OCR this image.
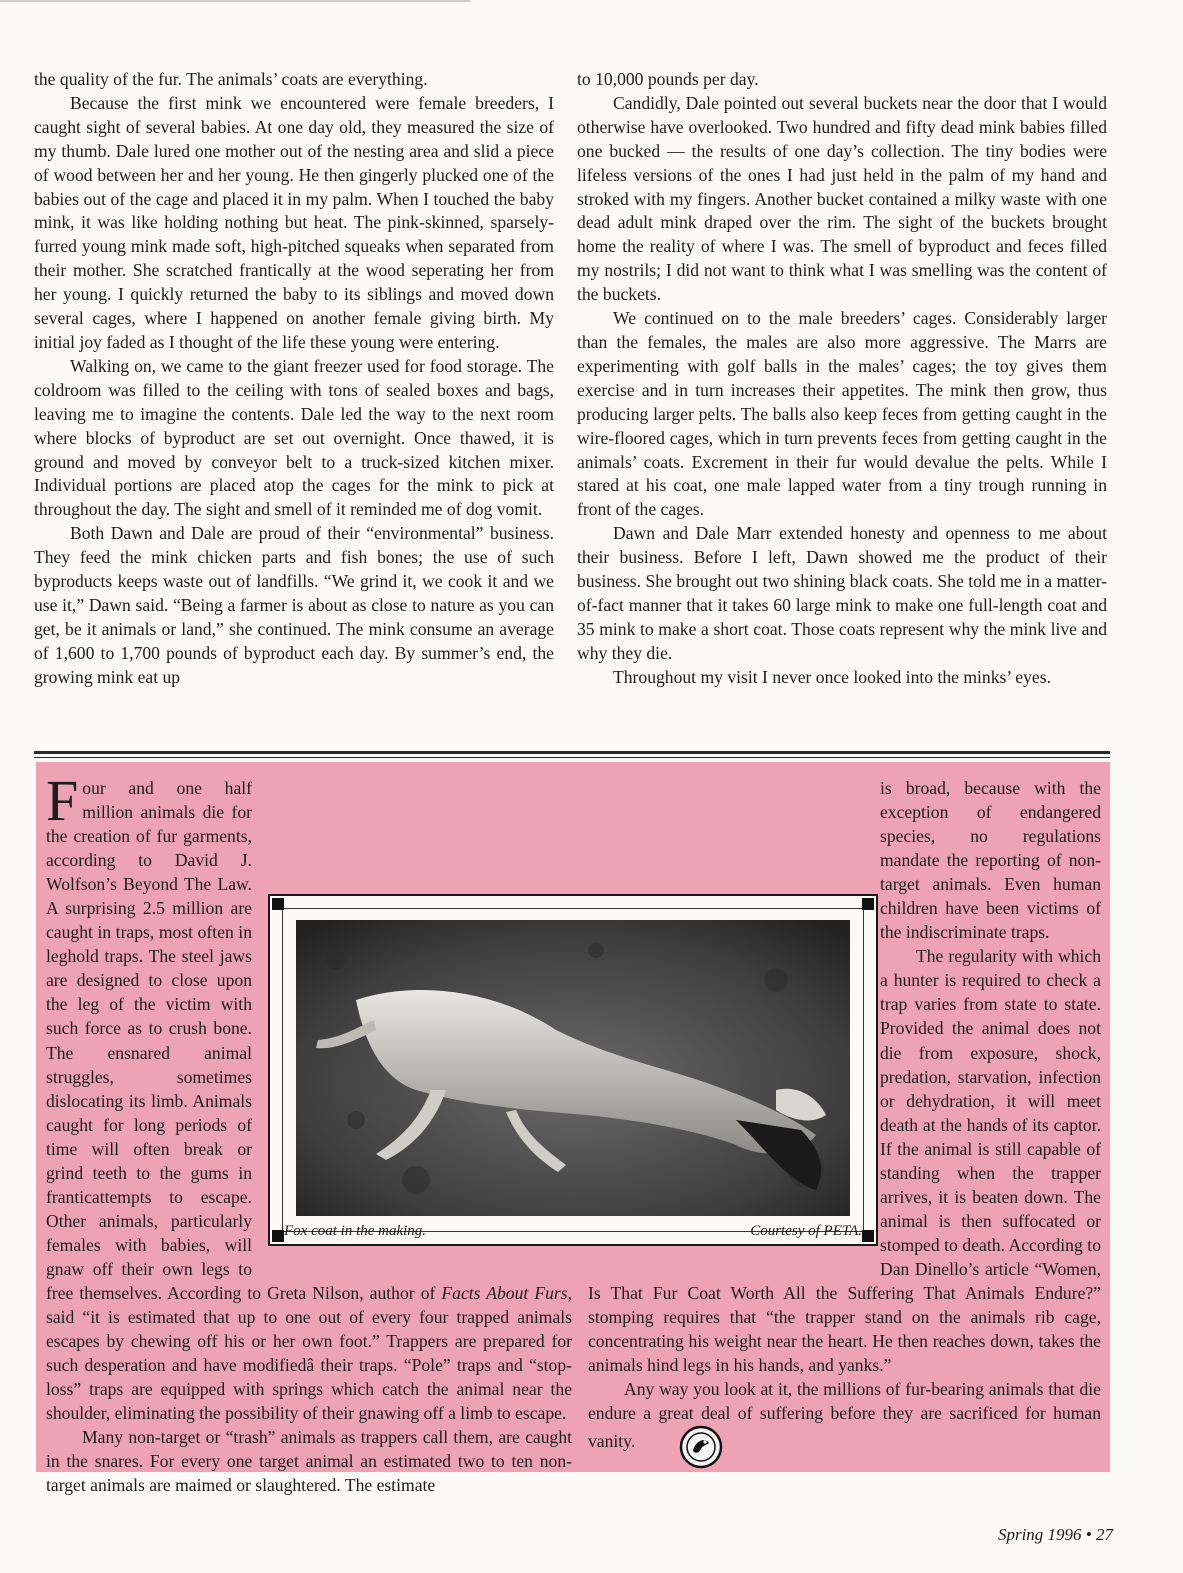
the quality of the fur. The animals’ coats are everything.

Because the first mink we encountered were female breeders, I caught sight of several babies. At one day old, they measured the size of my thumb. Dale lured one mother out of the nesting area and slid a piece of wood between her and her young. He then gingerly plucked one of the babies out of the cage and placed it in my palm. When I touched the baby mink, it was like holding nothing but heat. The pink-skinned, sparsely-furred young mink made soft, high-pitched squeaks when separated from their mother. She scratched frantically at the wood seperating her from her young. I quickly returned the baby to its siblings and moved down several cages, where I happened on another female giving birth. My initial joy faded as I thought of the life these young were entering.

Walking on, we came to the giant freezer used for food storage. The coldroom was filled to the ceiling with tons of sealed boxes and bags, leaving me to imagine the contents. Dale led the way to the next room where blocks of byproduct are set out overnight. Once thawed, it is ground and moved by conveyor belt to a truck-sized kitchen mixer. Individual portions are placed atop the cages for the mink to pick at throughout the day. The sight and smell of it reminded me of dog vomit.

Both Dawn and Dale are proud of their “environmental” business. They feed the mink chicken parts and fish bones; the use of such byproducts keeps waste out of landfills. “We grind it, we cook it and we use it,” Dawn said. “Being a farmer is about as close to nature as you can get, be it animals or land,” she continued. The mink consume an average of 1,600 to 1,700 pounds of byproduct each day. By summer’s end, the growing mink eat up

to 10,000 pounds per day.

Candidly, Dale pointed out several buckets near the door that I would otherwise have overlooked. Two hundred and fifty dead mink babies filled one bucked — the results of one day’s collection. The tiny bodies were lifeless versions of the ones I had just held in the palm of my hand and stroked with my fingers. Another bucket contained a milky waste with one dead adult mink draped over the rim. The sight of the buckets brought home the reality of where I was. The smell of byproduct and feces filled my nostrils; I did not want to think what I was smelling was the content of the buckets.

We continued on to the male breeders’ cages. Considerably larger than the females, the males are also more aggressive. The Marrs are experimenting with golf balls in the males’ cages; the toy gives them exercise and in turn increases their appetites. The mink then grow, thus producing larger pelts. The balls also keep feces from getting caught in the wire-floored cages, which in turn prevents feces from getting caught in the animals’ coats. Excrement in their fur would devalue the pelts. While I stared at his coat, one male lapped water from a tiny trough running in front of the cages.

Dawn and Dale Marr extended honesty and openness to me about their business. Before I left, Dawn showed me the product of their business. She brought out two shining black coats. She told me in a matter-of-fact manner that it takes 60 large mink to make one full-length coat and 35 mink to make a short coat. Those coats represent why the mink live and why they die.

Throughout my visit I never once looked into the minks’ eyes.

Four and one half million animals die for the creation of fur garments, according to David J. Wolfson’s Beyond The Law. A surprising 2.5 million are caught in traps, most often in leghold traps. The steel jaws are designed to close upon the leg of the victim with such force as to crush bone. The ensnared animal struggles, sometimes dislocating its limb. Animals caught for long periods of time will often break or grind teeth to the gums in franticattempts to escape. Other animals, particularly females with babies, will gnaw off their own legs to free themselves. According to Greta Nilson, author of Facts About Furs, said “it is estimated that up to one out of every four trapped animals escapes by chewing off his or her own foot.” Trappers are prepared for such desperation and have modifiedâ their traps. “Pole” traps and “stop-loss” traps are equipped with springs which catch the animal near the shoulder, eliminating the possibility of their gnawing off a limb to escape.

Many non-target or “trash” animals as trappers call them, are caught in the snares. For every one target animal an estimated two to ten non-target animals are maimed or slaughtered. The estimate

is broad, because with the exception of endangered species, no regulations mandate the reporting of non-target animals. Even human children have been victims of the indiscriminate traps.

The regularity with which a hunter is required to check a trap varies from state to state. Provided the animal does not die from exposure, shock, predation, starvation, infection or dehydration, it will meet death at the hands of its captor. If the animal is still capable of standing when the trapper arrives, it is beaten down. The animal is then suffocated or stomped to death. According to Dan Dinello’s article “Women, Is That Fur Coat Worth All the Suffering That Animals Endure?” stomping requires that “the trapper stand on the animals rib cage, concentrating his weight near the heart. He then reaches down, takes the animals hind legs in his hands, and yanks.”

Any way you look at it, the millions of fur-bearing animals that die endure a great deal of suffering before they are sacrificed for human vanity.

Fox coat in the making.	Courtesy of PETA.
Spring 1996 • 27
